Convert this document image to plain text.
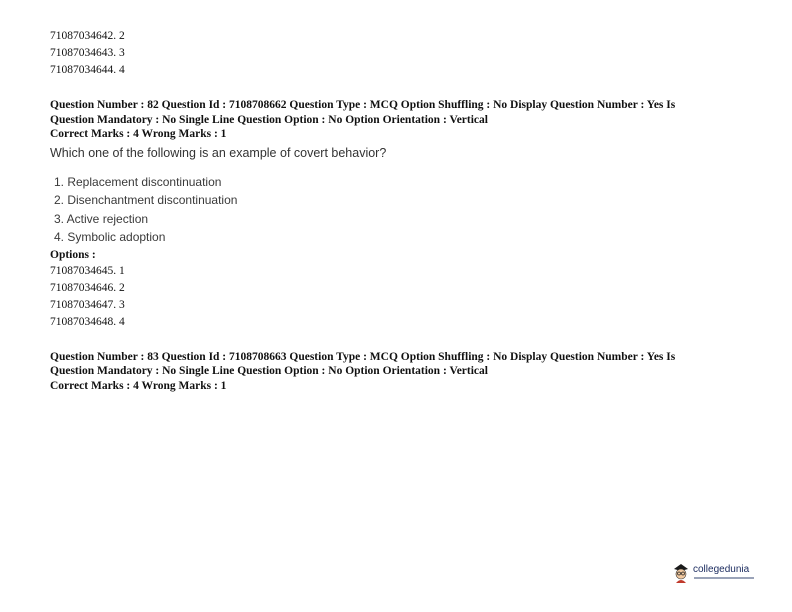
71087034642. 2

71087034643. 3

71087034644. 4

Question Number : 82 Question Id : 7108708662 Question Type : MCQ Option Shuffling : No Display Question Number : Yes Is

Question Mandatory : No Single Line Question Option : No Option Orientation : Vertical

Correct Marks : 4 Wrong Marks : 1

Which one of the following is an example of covert behavior?

1. Replacement discontinuation
2. Disenchantment discontinuation
3. Active rejection
4. Symbolic adoption

Options :

71087034645. 1

71087034646. 2

71087034647. 3

71087034648. 4

Question Number : 83 Question Id : 7108708663 Question Type : MCQ Option Shuffling : No Display Question Number : Yes Is

Question Mandatory : No Single Line Question Option : No Option Orientation : Vertical

Correct Marks : 4 Wrong Marks : 1

collegedunia
